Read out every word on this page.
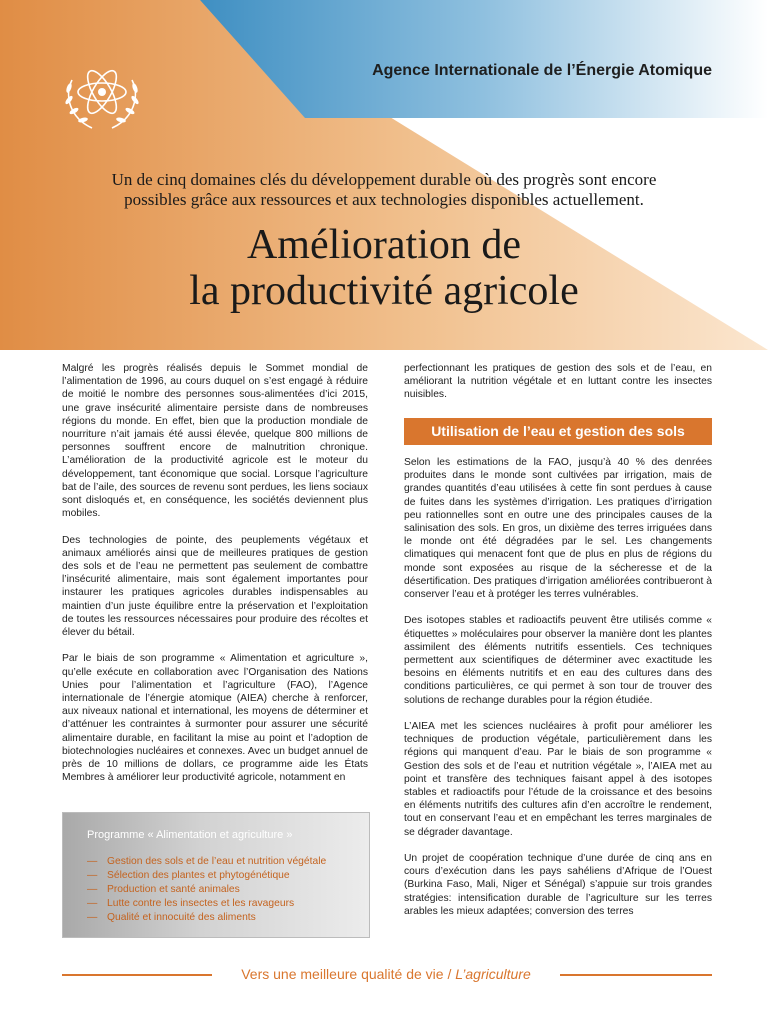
Agence Internationale de l’Énergie Atomique
Un de cinq domaines clés du développement durable où des progrès sont encore
possibles grâce aux ressources et aux technologies disponibles actuellement.
Amélioration de
la productivité agricole

Malgré les progrès réalisés depuis le Sommet mondial de l’alimentation de 1996, au cours duquel on s’est engagé à réduire de moitié le nombre des personnes sous-alimentées d’ici 2015, une grave insécurité alimentaire persiste dans de nombreuses régions du monde. En effet, bien que la production mondiale de nourriture n’ait jamais été aussi élevée, quelque 800 millions de personnes souffrent encore de malnutrition chronique. L’amélioration de la productivité agricole est le moteur du développement, tant économique que social. Lorsque l’agriculture bat de l’aile, des sources de revenu sont perdues, les liens sociaux sont disloqués et, en conséquence, les sociétés deviennent plus mobiles.

Des technologies de pointe, des peuplements végétaux et animaux améliorés ainsi que de meilleures pratiques de gestion des sols et de l’eau ne permettent pas seulement de combattre l’insécurité alimentaire, mais sont également importantes pour instaurer les pratiques agricoles durables indispensables au maintien d’un juste équilibre entre la préservation et l’exploitation de toutes les ressources nécessaires pour produire des récoltes et élever du bétail.

Par le biais de son programme « Alimentation et agriculture », qu’elle exécute en collaboration avec l’Organisation des Nations Unies pour l’alimentation et l’agriculture (FAO), l’Agence internationale de l’énergie atomique (AIEA) cherche à renforcer, aux niveaux national et international, les moyens de déterminer et d’atténuer les contraintes à surmonter pour assurer une sécurité alimentaire durable, en facilitant la mise au point et l’adoption de biotechnologies nucléaires et connexes. Avec un budget annuel de près de 10 millions de dollars, ce programme aide les États Membres à améliorer leur productivité agricole, notamment en

Programme « Alimentation et agriculture »
— Gestion des sols et de l’eau et nutrition végétale
— Sélection des plantes et phytogénétique
— Production et santé animales
— Lutte contre les insectes et les ravageurs
— Qualité et innocuité des aliments

perfectionnant les pratiques de gestion des sols et de l’eau, en améliorant la nutrition végétale et en luttant contre les insectes nuisibles.

Utilisation de l’eau et gestion des sols

Selon les estimations de la FAO, jusqu’à 40 % des denrées produites dans le monde sont cultivées par irrigation, mais de grandes quantités d’eau utilisées à cette fin sont perdues à cause de fuites dans les systèmes d’irrigation. Les pratiques d’irrigation peu rationnelles sont en outre une des principales causes de la salinisation des sols. En gros, un dixième des terres irriguées dans le monde ont été dégradées par le sel. Les changements climatiques qui menacent font que de plus en plus de régions du monde sont exposées au risque de la sécheresse et de la désertification. Des pratiques d’irrigation améliorées contribueront à conserver l’eau et à protéger les terres vulnérables.

Des isotopes stables et radioactifs peuvent être utilisés comme « étiquettes » moléculaires pour observer la manière dont les plantes assimilent des éléments nutritifs essentiels. Ces techniques permettent aux scientifiques de déterminer avec exactitude les besoins en éléments nutritifs et en eau des cultures dans des conditions particulières, ce qui permet à son tour de trouver des solutions de rechange durables pour la région étudiée.

L’AIEA met les sciences nucléaires à profit pour améliorer les techniques de production végétale, particulièrement dans les régions qui manquent d’eau. Par le biais de son programme « Gestion des sols et de l’eau et nutrition végétale », l’AIEA met au point et transfère des techniques faisant appel à des isotopes stables et radioactifs pour l’étude de la croissance et des besoins en éléments nutritifs des cultures afin d’en accroître le rendement, tout en conservant l’eau et en empêchant les terres marginales de se dégrader davantage.

Un projet de coopération technique d’une durée de cinq ans en cours d’exécution dans les pays sahéliens d’Afrique de l’Ouest (Burkina Faso, Mali, Niger et Sénégal) s’appuie sur trois grandes stratégies: intensification durable de l’agriculture sur les terres arables les mieux adaptées; conversion des terres

Vers une meilleure qualité de vie / L’agriculture
